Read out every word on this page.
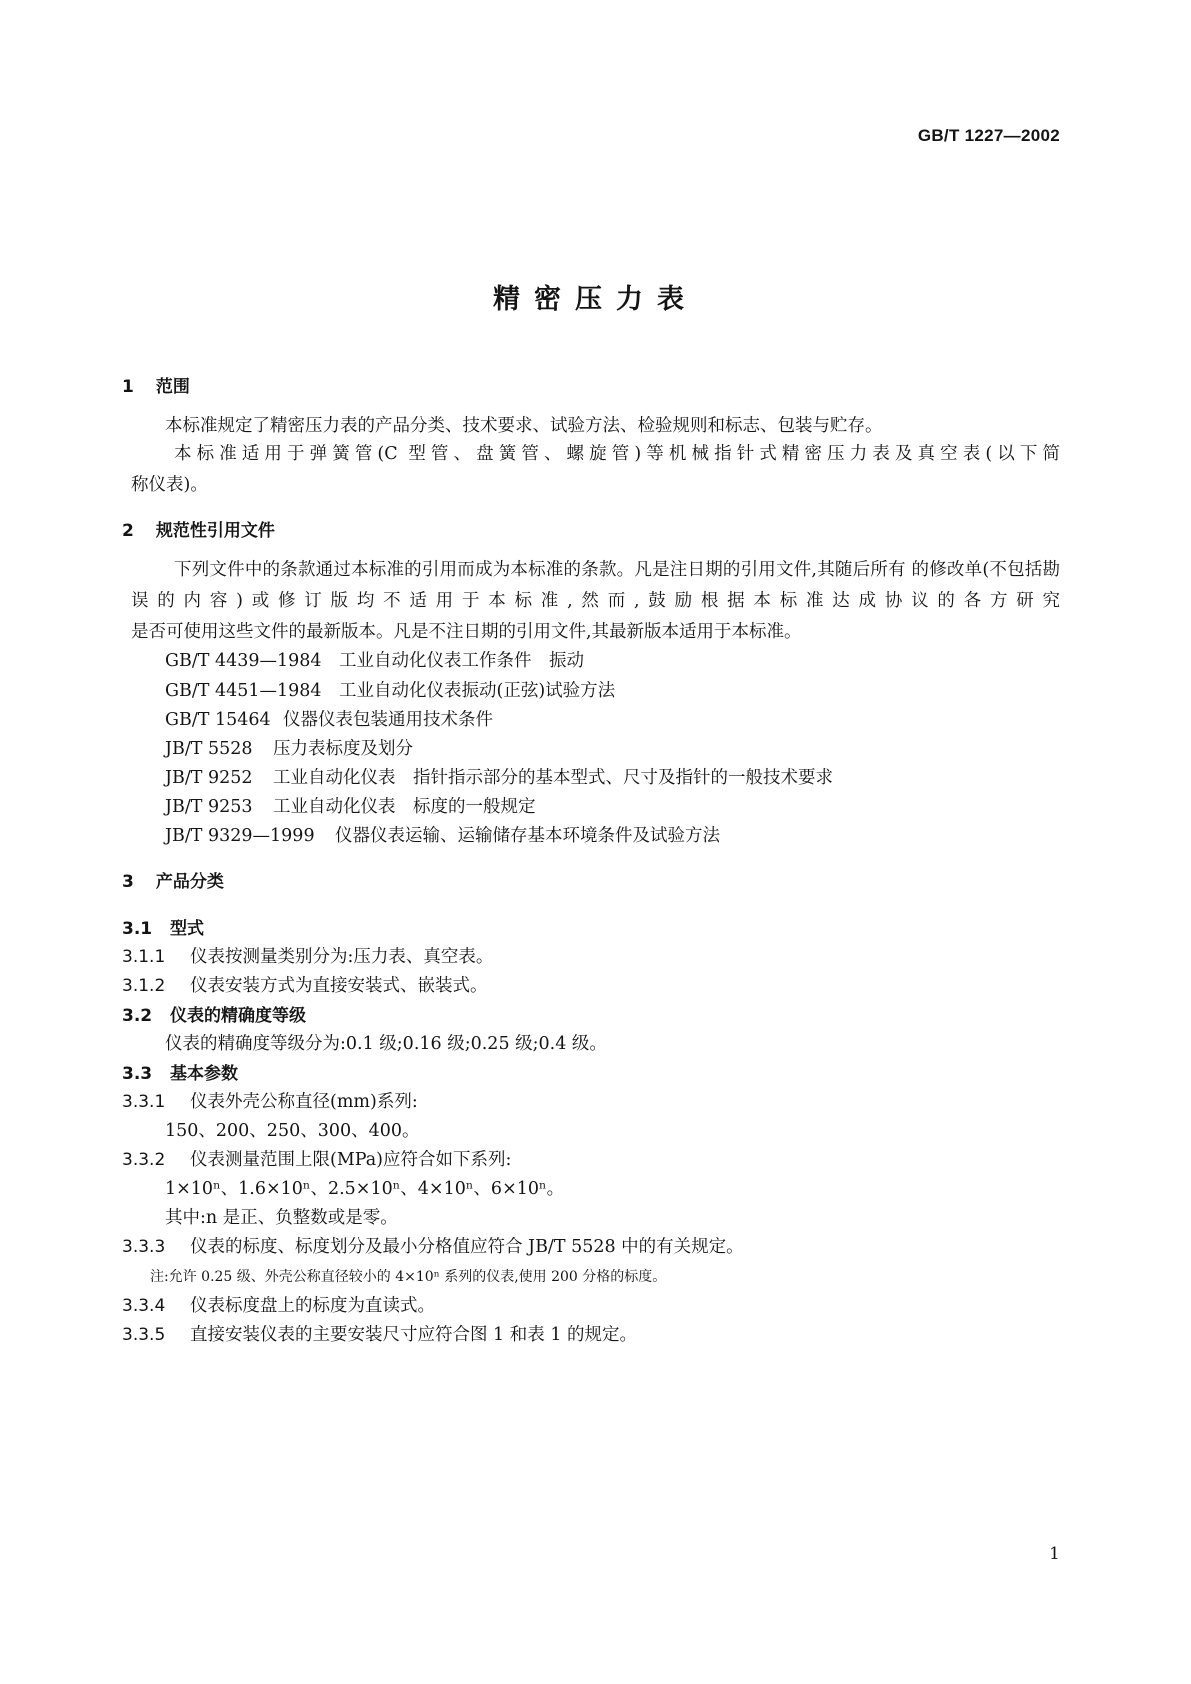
GB/T 1227—2002
精密压力表
1 范围
本标准规定了精密压力表的产品分类、技术要求、试验方法、检验规则和标志、包装与贮存。
本标准适用于弹簧管(C 型管、盘簧管、螺旋管)等机械指针式精密压力表及真空表(以下简
称仪表)。
2 规范性引用文件
下列文件中的条款通过本标准的引用而成为本标准的条款。凡是注日期的引用文件,其随后所有 的修改单(不包括勘误的内容)或修订版均不适用于本标准,然而,鼓励根据本标准达成协议的各方研究
是否可使用这些文件的最新版本。凡是不注日期的引用文件,其最新版本适用于本标准。
GB/T 4439—1984 工业自动化仪表工作条件　振动
GB/T 4451—1984 工业自动化仪表振动(正弦)试验方法
GB/T 15464 仪器仪表包装通用技术条件
JB/T 5528 压力表标度及划分
JB/T 9252 工业自动化仪表　指针指示部分的基本型式、尺寸及指针的一般技术要求
JB/T 9253 工业自动化仪表　标度的一般规定
JB/T 9329—1999 仪器仪表运输、运输储存基本环境条件及试验方法
3 产品分类
3.1 型式
3.1.1 仪表按测量类别分为:压力表、真空表。
3.1.2 仪表安装方式为直接安装式、嵌装式。
3.2 仪表的精确度等级
仪表的精确度等级分为:0.1 级;0.16 级;0.25 级;0.4 级。
3.3 基本参数
3.3.1 仪表外壳公称直径(mm)系列:
150、200、250、300、400。
3.3.2 仪表测量范围上限(MPa)应符合如下系列:
1×10ⁿ、1.6×10ⁿ、2.5×10ⁿ、4×10ⁿ、6×10ⁿ。
其中:n 是正、负整数或是零。
3.3.3 仪表的标度、标度划分及最小分格值应符合 JB/T 5528 中的有关规定。
注:允许 0.25 级、外壳公称直径较小的 4×10ⁿ 系列的仪表,使用 200 分格的标度。
3.3.4 仪表标度盘上的标度为直读式。
3.3.5 直接安装仪表的主要安装尺寸应符合图 1 和表 1 的规定。
1
